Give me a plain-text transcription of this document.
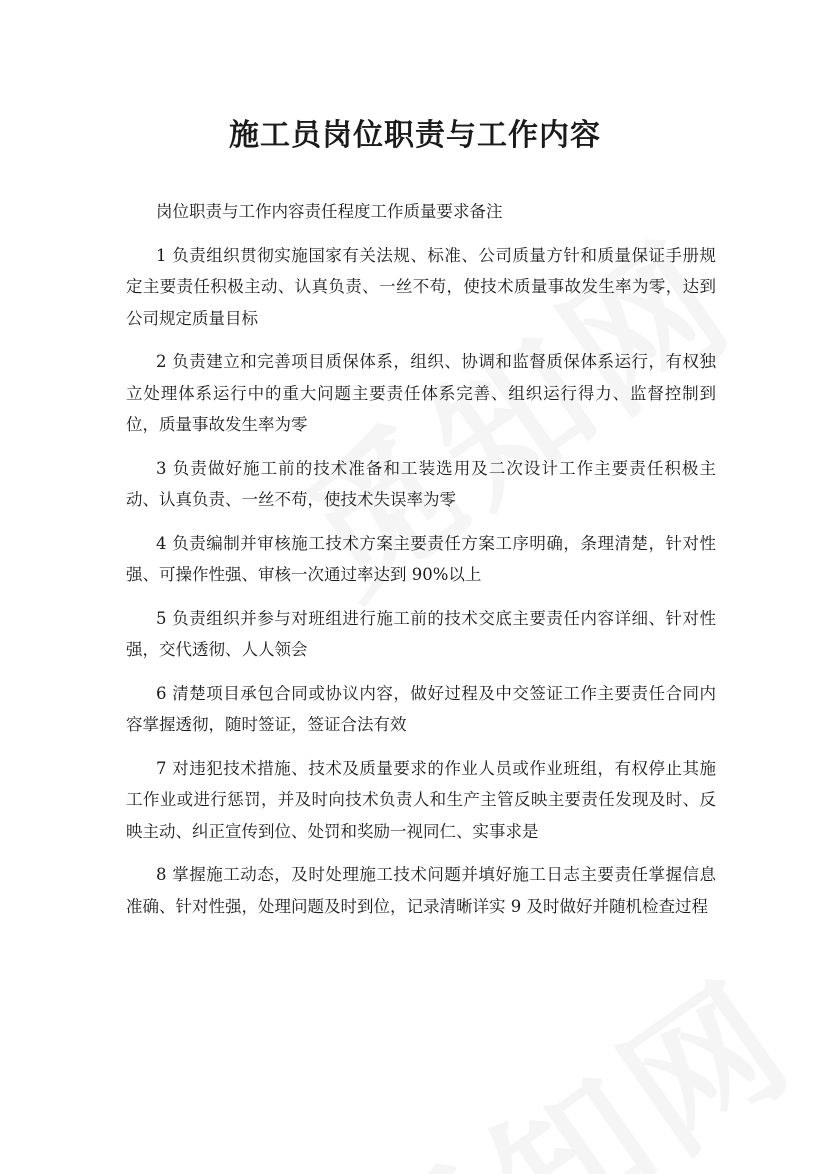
施工员岗位职责与工作内容

岗位职责与工作内容责任程度工作质量要求备注

1 负责组织贯彻实施国家有关法规、标准、公司质量方针和质量保证手册规定主要责任积极主动、认真负责、一丝不苟，使技术质量事故发生率为零，达到公司规定质量目标

2 负责建立和完善项目质保体系，组织、协调和监督质保体系运行，有权独立处理体系运行中的重大问题主要责任体系完善、组织运行得力、监督控制到位，质量事故发生率为零

3 负责做好施工前的技术准备和工装选用及二次设计工作主要责任积极主动、认真负责、一丝不苟，使技术失误率为零

4 负责编制并审核施工技术方案主要责任方案工序明确，条理清楚，针对性强、可操作性强、审核一次通过率达到 90%以上

5 负责组织并参与对班组进行施工前的技术交底主要责任内容详细、针对性强，交代透彻、人人领会

6 清楚项目承包合同或协议内容，做好过程及中交签证工作主要责任合同内容掌握透彻，随时签证，签证合法有效

7 对违犯技术措施、技术及质量要求的作业人员或作业班组，有权停止其施工作业或进行惩罚，并及时向技术负责人和生产主管反映主要责任发现及时、反映主动、纠正宣传到位、处罚和奖励一视同仁、实事求是

8 掌握施工动态，及时处理施工技术问题并填好施工日志主要责任掌握信息准确、针对性强，处理问题及时到位，记录清晰详实 9 及时做好并随机检查过程
